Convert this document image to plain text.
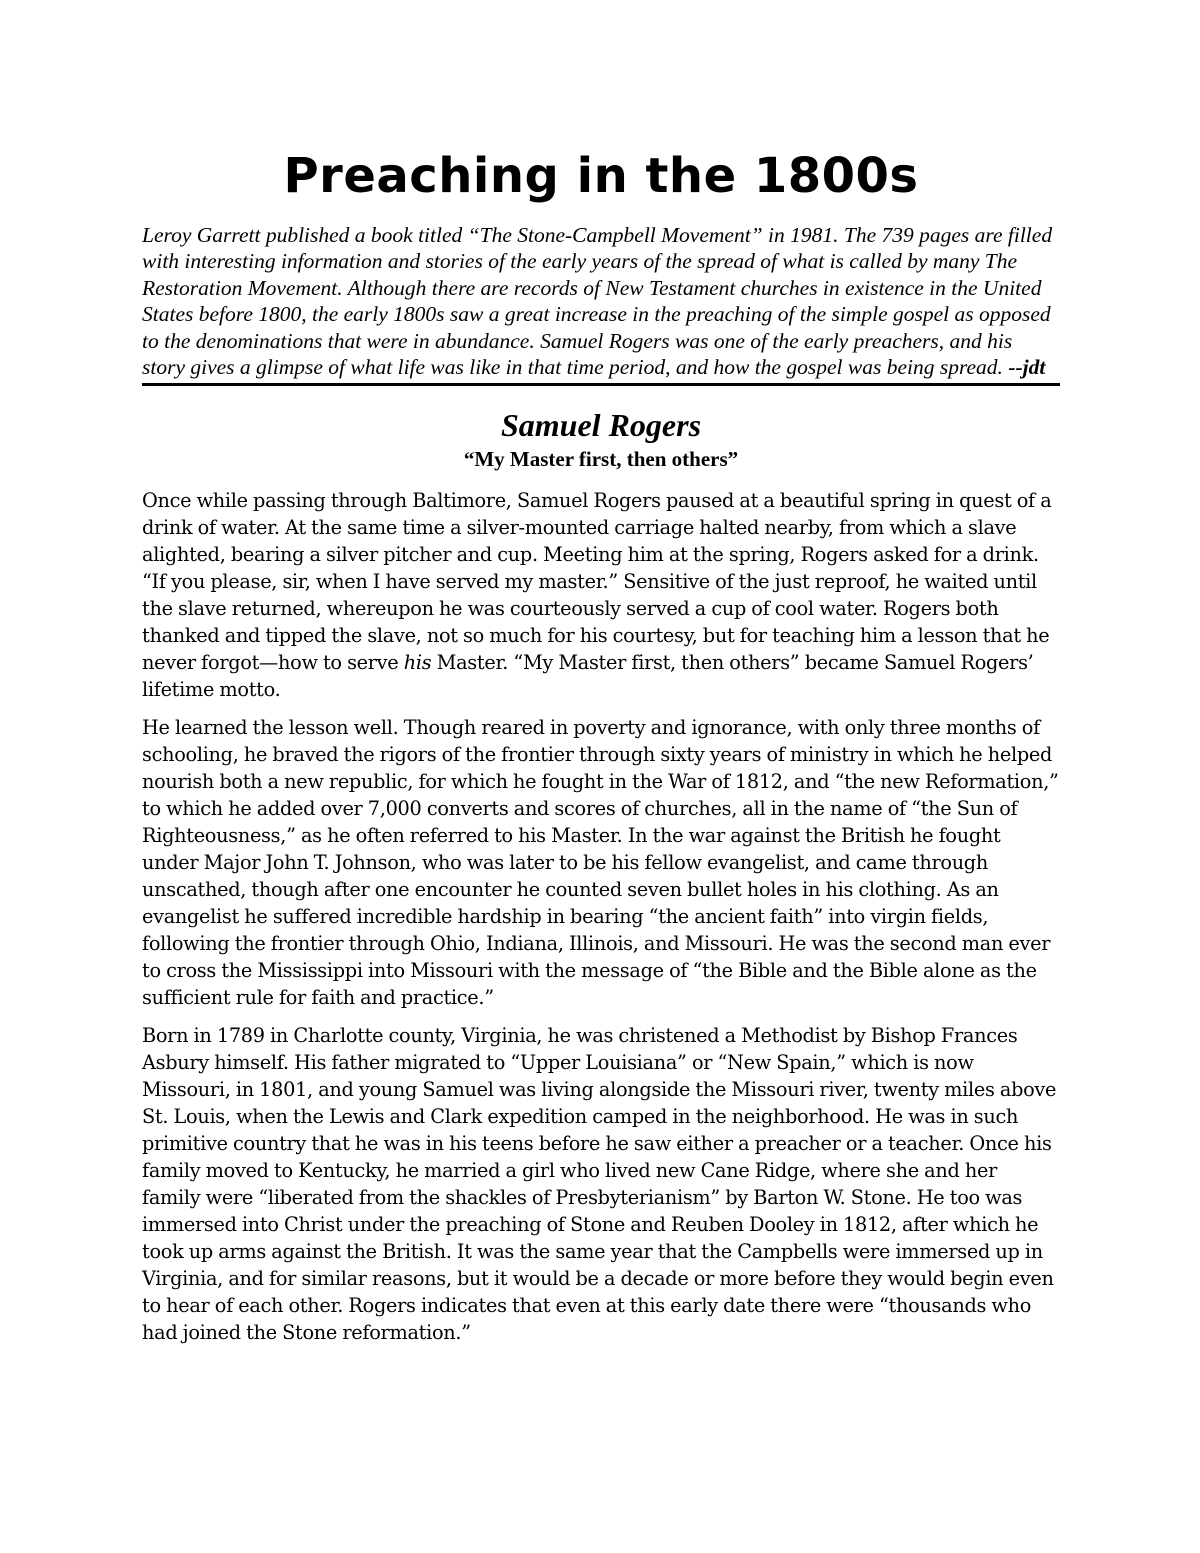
Preaching in the 1800s

Leroy Garrett published a book titled “The Stone-Campbell Movement” in 1981. The 739 pages are filled with interesting information and stories of the early years of the spread of what is called by many The Restoration Movement. Although there are records of New Testament churches in existence in the United States before 1800, the early 1800s saw a great increase in the preaching of the simple gospel as opposed to the denominations that were in abundance. Samuel Rogers was one of the early preachers, and his story gives a glimpse of what life was like in that time period, and how the gospel was being spread. --jdt

Samuel Rogers
“My Master first, then others”

Once while passing through Baltimore, Samuel Rogers paused at a beautiful spring in quest of a drink of water. At the same time a silver-mounted carriage halted nearby, from which a slave alighted, bearing a silver pitcher and cup. Meeting him at the spring, Rogers asked for a drink. “If you please, sir, when I have served my master.” Sensitive of the just reproof, he waited until the slave returned, whereupon he was courteously served a cup of cool water. Rogers both thanked and tipped the slave, not so much for his courtesy, but for teaching him a lesson that he never forgot—how to serve his Master. “My Master first, then others” became Samuel Rogers’ lifetime motto.

He learned the lesson well. Though reared in poverty and ignorance, with only three months of schooling, he braved the rigors of the frontier through sixty years of ministry in which he helped nourish both a new republic, for which he fought in the War of 1812, and “the new Reformation,” to which he added over 7,000 converts and scores of churches, all in the name of “the Sun of Righteousness,” as he often referred to his Master. In the war against the British he fought under Major John T. Johnson, who was later to be his fellow evangelist, and came through unscathed, though after one encounter he counted seven bullet holes in his clothing. As an evangelist he suffered incredible hardship in bearing “the ancient faith” into virgin fields, following the frontier through Ohio, Indiana, Illinois, and Missouri. He was the second man ever to cross the Mississippi into Missouri with the message of “the Bible and the Bible alone as the sufficient rule for faith and practice.”

Born in 1789 in Charlotte county, Virginia, he was christened a Methodist by Bishop Frances Asbury himself. His father migrated to “Upper Louisiana” or “New Spain,” which is now Missouri, in 1801, and young Samuel was living alongside the Missouri river, twenty miles above St. Louis, when the Lewis and Clark expedition camped in the neighborhood. He was in such primitive country that he was in his teens before he saw either a preacher or a teacher. Once his family moved to Kentucky, he married a girl who lived new Cane Ridge, where she and her family were “liberated from the shackles of Presbyterianism” by Barton W. Stone. He too was immersed into Christ under the preaching of Stone and Reuben Dooley in 1812, after which he took up arms against the British. It was the same year that the Campbells were immersed up in Virginia, and for similar reasons, but it would be a decade or more before they would begin even to hear of each other. Rogers indicates that even at this early date there were “thousands who had joined the Stone reformation.”
